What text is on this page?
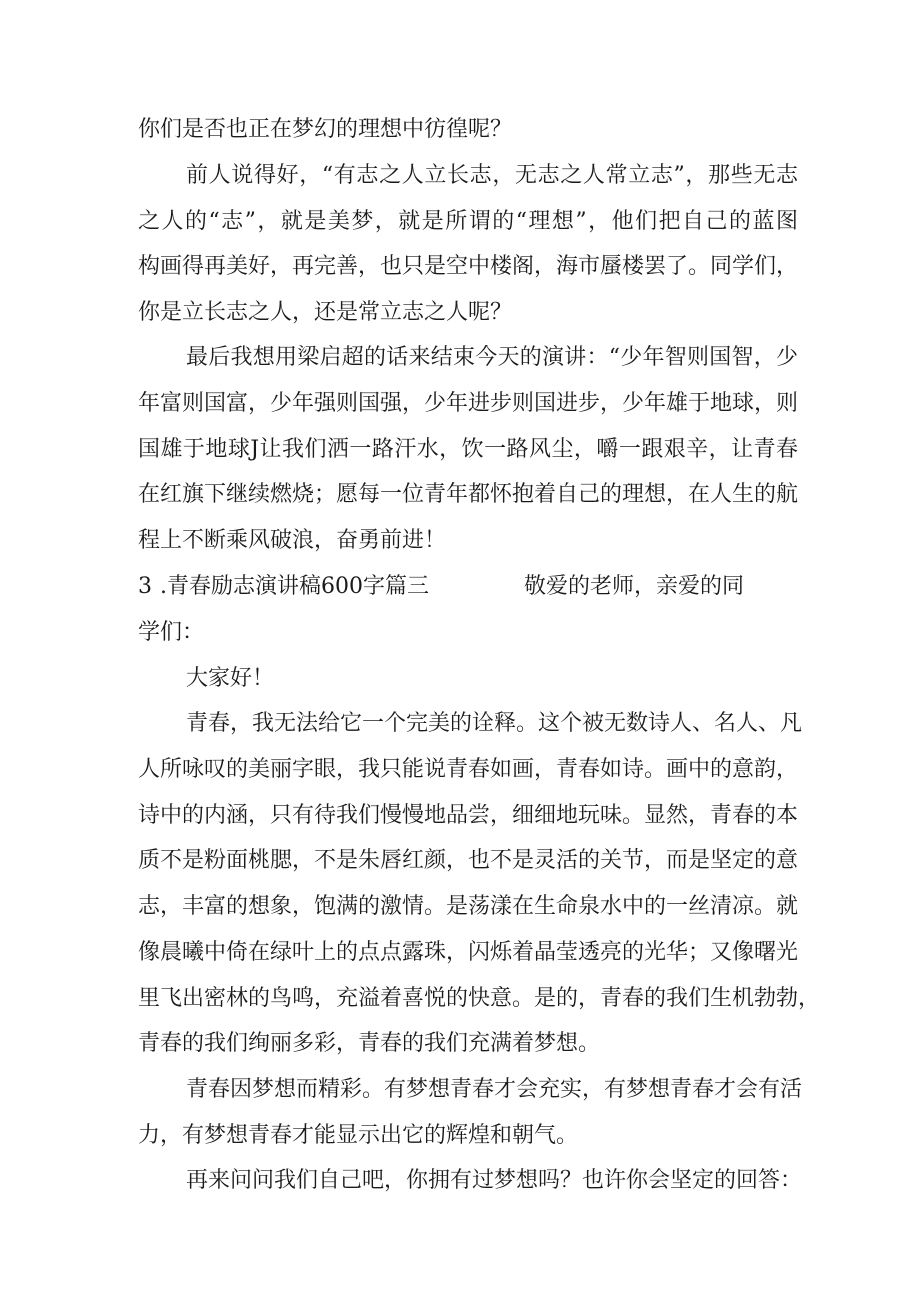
你们是否也正在梦幻的理想中彷徨呢？
前人说得好，“有志之人立长志，无志之人常立志”，那些无志
之人的“志”，就是美梦，就是所谓的“理想”，他们把自己的蓝图
构画得再美好，再完善，也只是空中楼阁，海市蜃楼罢了。同学们，
你是立长志之人，还是常立志之人呢？
最后我想用梁启超的话来结束今天的演讲：“少年智则国智，少
年富则国富，少年强则国强，少年进步则国进步，少年雄于地球，则
国雄于地球J让我们洒一路汗水，饮一路风尘，嚼一跟艰辛，让青春
在红旗下继续燃烧；愿每一位青年都怀抱着自己的理想，在人生的航
程上不断乘风破浪，奋勇前进！
3 .青春励志演讲稿600字篇三	敬爱的老师，亲爱的同
学们：
大家好！
青春，我无法给它一个完美的诠释。这个被无数诗人、名人、凡
人所咏叹的美丽字眼，我只能说青春如画，青春如诗。画中的意韵，
诗中的内涵，只有待我们慢慢地品尝，细细地玩味。显然，青春的本
质不是粉面桃腮，不是朱唇红颜，也不是灵活的关节，而是坚定的意
志，丰富的想象，饱满的激情。是荡漾在生命泉水中的一丝清凉。就
像晨曦中倚在绿叶上的点点露珠，闪烁着晶莹透亮的光华；又像曙光
里飞出密林的鸟鸣，充溢着喜悦的快意。是的，青春的我们生机勃勃，
青春的我们绚丽多彩，青春的我们充满着梦想。
青春因梦想而精彩。有梦想青春才会充实，有梦想青春才会有活
力，有梦想青春才能显示出它的辉煌和朝气。
再来问问我们自己吧，你拥有过梦想吗？也许你会坚定的回答：
